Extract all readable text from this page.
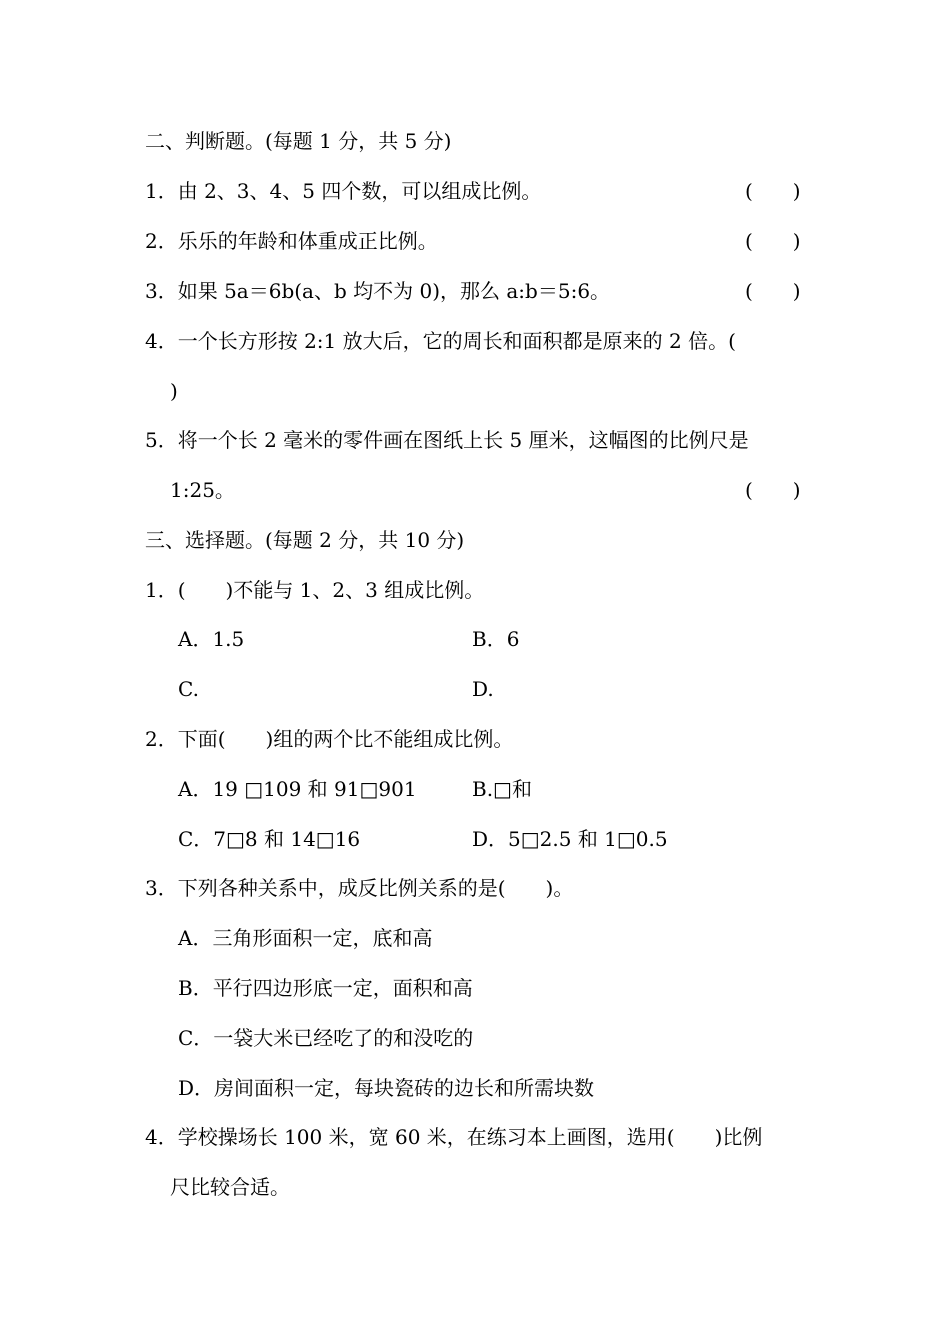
二、判断题。(每题 1 分，共 5 分)
1．由 2、3、4、5 四个数，可以组成比例。	(　　)
2．乐乐的年龄和体重成正比例。	(　　)
3．如果 5a＝6b(a、b 均不为 0)，那么 a:b＝5:6。	(　　)
4．一个长方形按 2:1 放大后，它的周长和面积都是原来的 2 倍。(
)
5．将一个长 2 毫米的零件画在图纸上长 5 厘米，这幅图的比例尺是
1:25。	(　　)
三、选择题。(每题 2 分，共 10 分)
1．(　　)不能与 1、2、3 组成比例。
A．1.5	B．6
C.	D.
2．下面(　　)组的两个比不能组成比例。
A．19 □109 和 91□901	B.□和
C．7□8 和 14□16	D．5□2.5 和 1□0.5
3．下列各种关系中，成反比例关系的是(　　)。
A．三角形面积一定，底和高
B．平行四边形底一定，面积和高
C．一袋大米已经吃了的和没吃的
D．房间面积一定，每块瓷砖的边长和所需块数
4．学校操场长 100 米，宽 60 米，在练习本上画图，选用(　　)比例
尺比较合适。
